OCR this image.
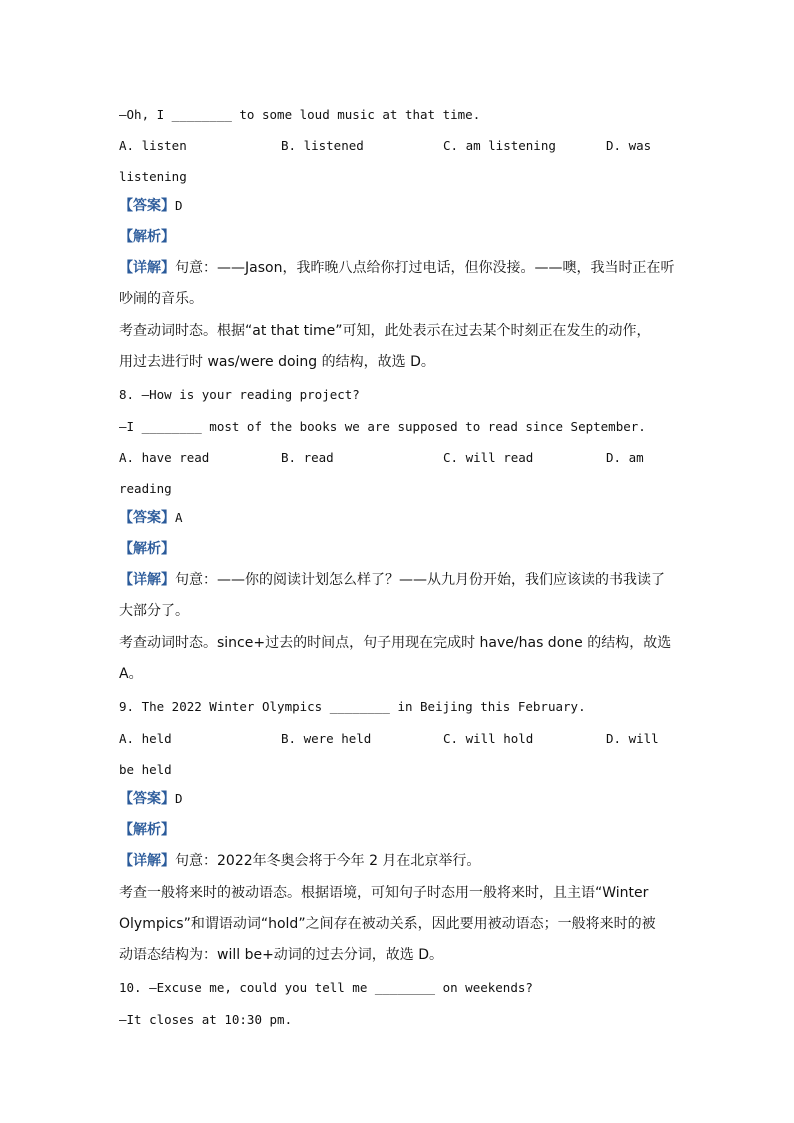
—Oh, I ________ to some loud music at that time.
A. listen	B. listened	C. am listening	D. was
listening
【答案】D
【解析】
【详解】句意：——Jason，我昨晚八点给你打过电话，但你没接。——噢，我当时正在听
吵闹的音乐。
考查动词时态。根据“at that time”可知，此处表示在过去某个时刻正在发生的动作，
用过去进行时 was/were doing 的结构，故选 D。
8. —How is your reading project?
—I ________ most of the books we are supposed to read since September.
A. have read	B. read	C. will read	D. am
reading
【答案】A
【解析】
【详解】句意：——你的阅读计划怎么样了？——从九月份开始，我们应该读的书我读了
大部分了。
考查动词时态。since+过去的时间点，句子用现在完成时 have/has done 的结构，故选
A。
9. The 2022 Winter Olympics ________ in Beijing this February.
A. held	B. were held	C. will hold	D. will
be held
【答案】D
【解析】
【详解】句意：2022年冬奥会将于今年 2 月在北京举行。
考查一般将来时的被动语态。根据语境，可知句子时态用一般将来时，且主语“Winter
Olympics”和谓语动词“hold”之间存在被动关系，因此要用被动语态；一般将来时的被
动语态结构为：will be+动词的过去分词，故选 D。
10. —Excuse me, could you tell me ________ on weekends?
—It closes at 10:30 pm.
